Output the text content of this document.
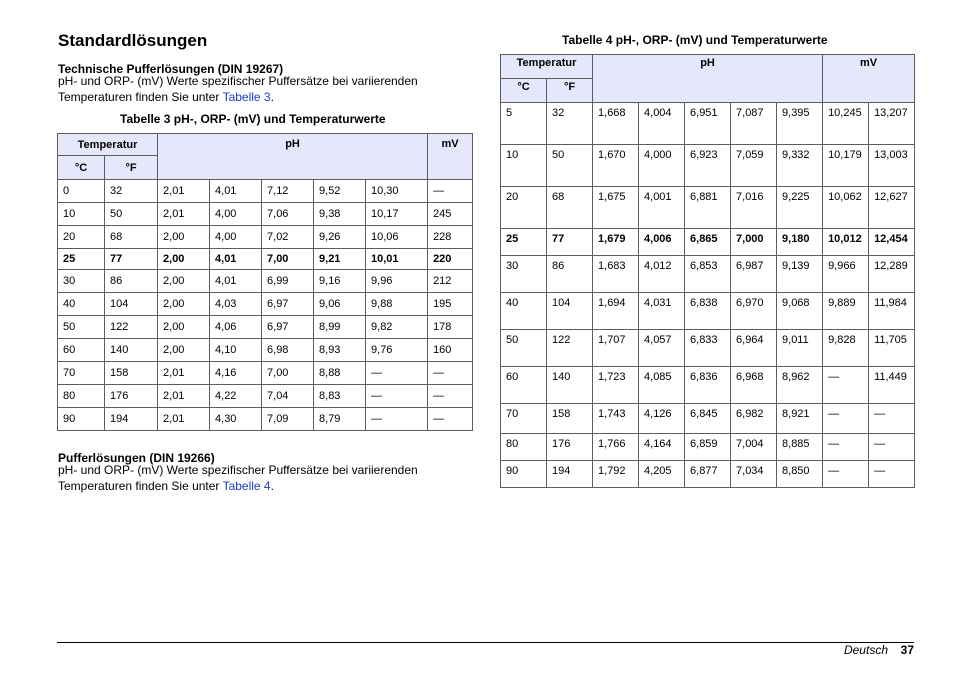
Standardlösungen

Technische Pufferlösungen (DIN 19267)

pH- und ORP- (mV) Werte spezifischer Puffersätze bei variierenden Temperaturen finden Sie unter Tabelle 3.

Tabelle 3 pH-, ORP- (mV) und Temperaturwerte

Temperatur		pH					mV
°C	°F						
0	32	2,01	4,01	7,12	9,52	10,30	—
10	50	2,01	4,00	7,06	9,38	10,17	245
20	68	2,00	4,00	7,02	9,26	10,06	228
25	77	2,00	4,01	7,00	9,21	10,01	220
30	86	2,00	4,01	6,99	9,16	9,96	212
40	104	2,00	4,03	6,97	9,06	9,88	195
50	122	2,00	4,06	6,97	8,99	9,82	178
60	140	2,00	4,10	6,98	8,93	9,76	160
70	158	2,01	4,16	7,00	8,88	—	—
80	176	2,01	4,22	7,04	8,83	—	—
90	194	2,01	4,30	7,09	8,79	—	—

Pufferlösungen (DIN 19266)

pH- und ORP- (mV) Werte spezifischer Puffersätze bei variierenden Temperaturen finden Sie unter Tabelle 4.

Tabelle 4 pH-, ORP- (mV) und Temperaturwerte

Temperatur		pH					mV	
°C	°F							
5	32	1,668	4,004	6,951	7,087	9,395	10,245	13,207
10	50	1,670	4,000	6,923	7,059	9,332	10,179	13,003
20	68	1,675	4,001	6,881	7,016	9,225	10,062	12,627
25	77	1,679	4,006	6,865	7,000	9,180	10,012	12,454
30	86	1,683	4,012	6,853	6,987	9,139	9,966	12,289
40	104	1,694	4,031	6,838	6,970	9,068	9,889	11,984
50	122	1,707	4,057	6,833	6,964	9,011	9,828	11,705
60	140	1,723	4,085	6,836	6,968	8,962	—	11,449
70	158	1,743	4,126	6,845	6,982	8,921	—	—
80	176	1,766	4,164	6,859	7,004	8,885	—	—
90	194	1,792	4,205	6,877	7,034	8,850	—	—
Deutsch 37
